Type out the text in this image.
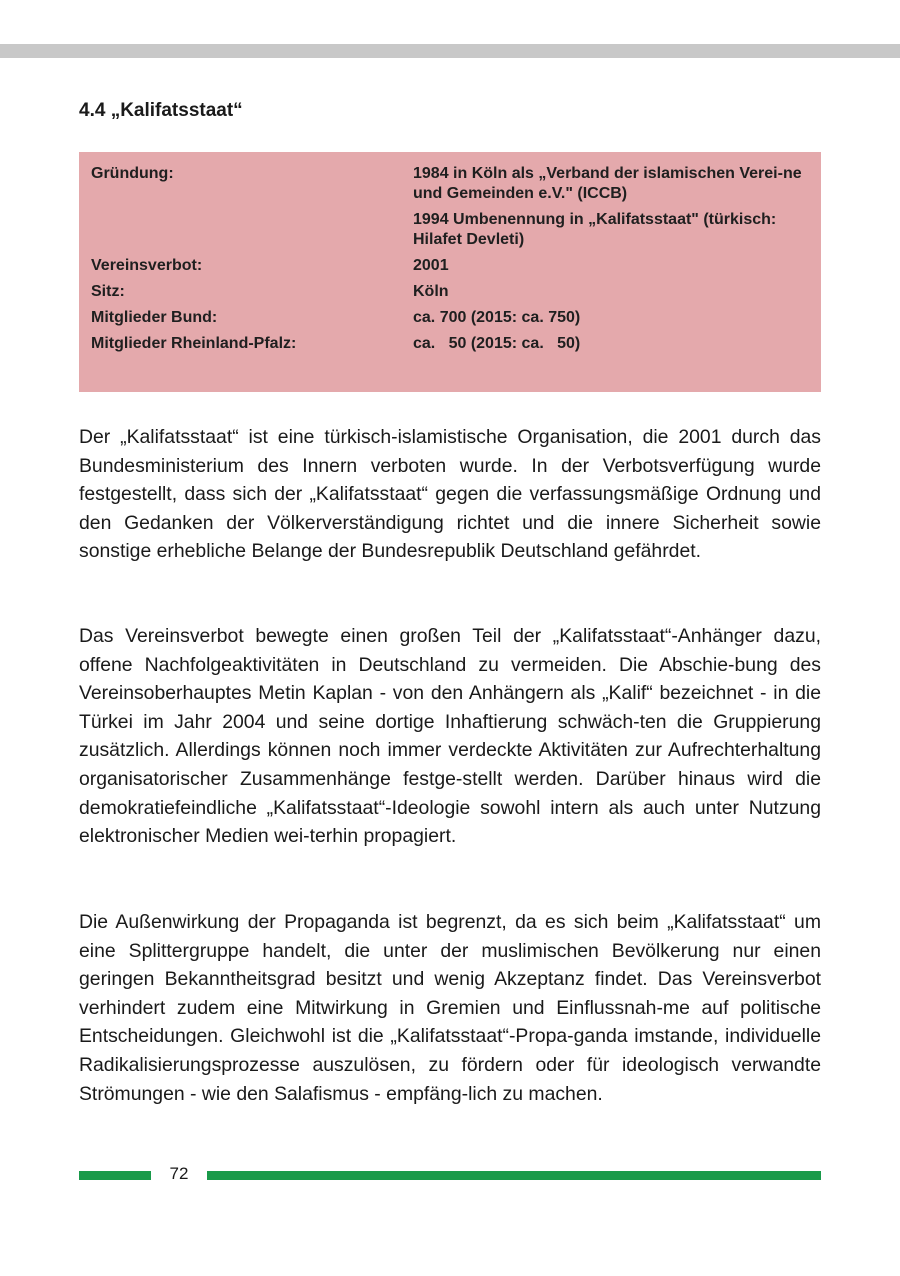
4.4 „Kalifatsstaat“
Gründung:	1984 in Köln als „Verband der islamischen Verei-ne und Gemeinden e.V." (ICCB)
1994 Umbenennung in „Kalifatsstaat" (türkisch: Hilafet Devleti)
Vereinsverbot:	2001
Sitz:	Köln
Mitglieder Bund:	ca. 700 (2015: ca. 750)
Mitglieder Rheinland-Pfalz:	ca.   50 (2015: ca.   50)

Der „Kalifatsstaat“ ist eine türkisch-islamistische Organisation, die 2001 durch das Bundesministerium des Innern verboten wurde. In der Verbotsverfügung wurde festgestellt, dass sich der „Kalifatsstaat“ gegen die verfassungsmäßige Ordnung und den Gedanken der Völkerverständigung richtet und die innere Sicherheit sowie sonstige erhebliche Belange der Bundesrepublik Deutschland gefährdet.

Das Vereinsverbot bewegte einen großen Teil der „Kalifatsstaat“-Anhänger dazu, offene Nachfolgeaktivitäten in Deutschland zu vermeiden. Die Abschie-bung des Vereinsoberhauptes Metin Kaplan - von den Anhängern als „Kalif“ bezeichnet - in die Türkei im Jahr 2004 und seine dortige Inhaftierung schwäch-ten die Gruppierung zusätzlich. Allerdings können noch immer verdeckte Aktivitäten zur Aufrechterhaltung organisatorischer Zusammenhänge festge-stellt werden. Darüber hinaus wird die demokratiefeindliche „Kalifatsstaat“-Ideologie sowohl intern als auch unter Nutzung elektronischer Medien wei-terhin propagiert.

Die Außenwirkung der Propaganda ist begrenzt, da es sich beim „Kalifatsstaat“ um eine Splittergruppe handelt, die unter der muslimischen Bevölkerung nur einen geringen Bekanntheitsgrad besitzt und wenig Akzeptanz findet. Das Vereinsverbot verhindert zudem eine Mitwirkung in Gremien und Einflussnah-me auf politische Entscheidungen. Gleichwohl ist die „Kalifatsstaat“-Propa-ganda imstande, individuelle Radikalisierungsprozesse auszulösen, zu fördern oder für ideologisch verwandte Strömungen - wie den Salafismus - empfäng-lich zu machen.

72
